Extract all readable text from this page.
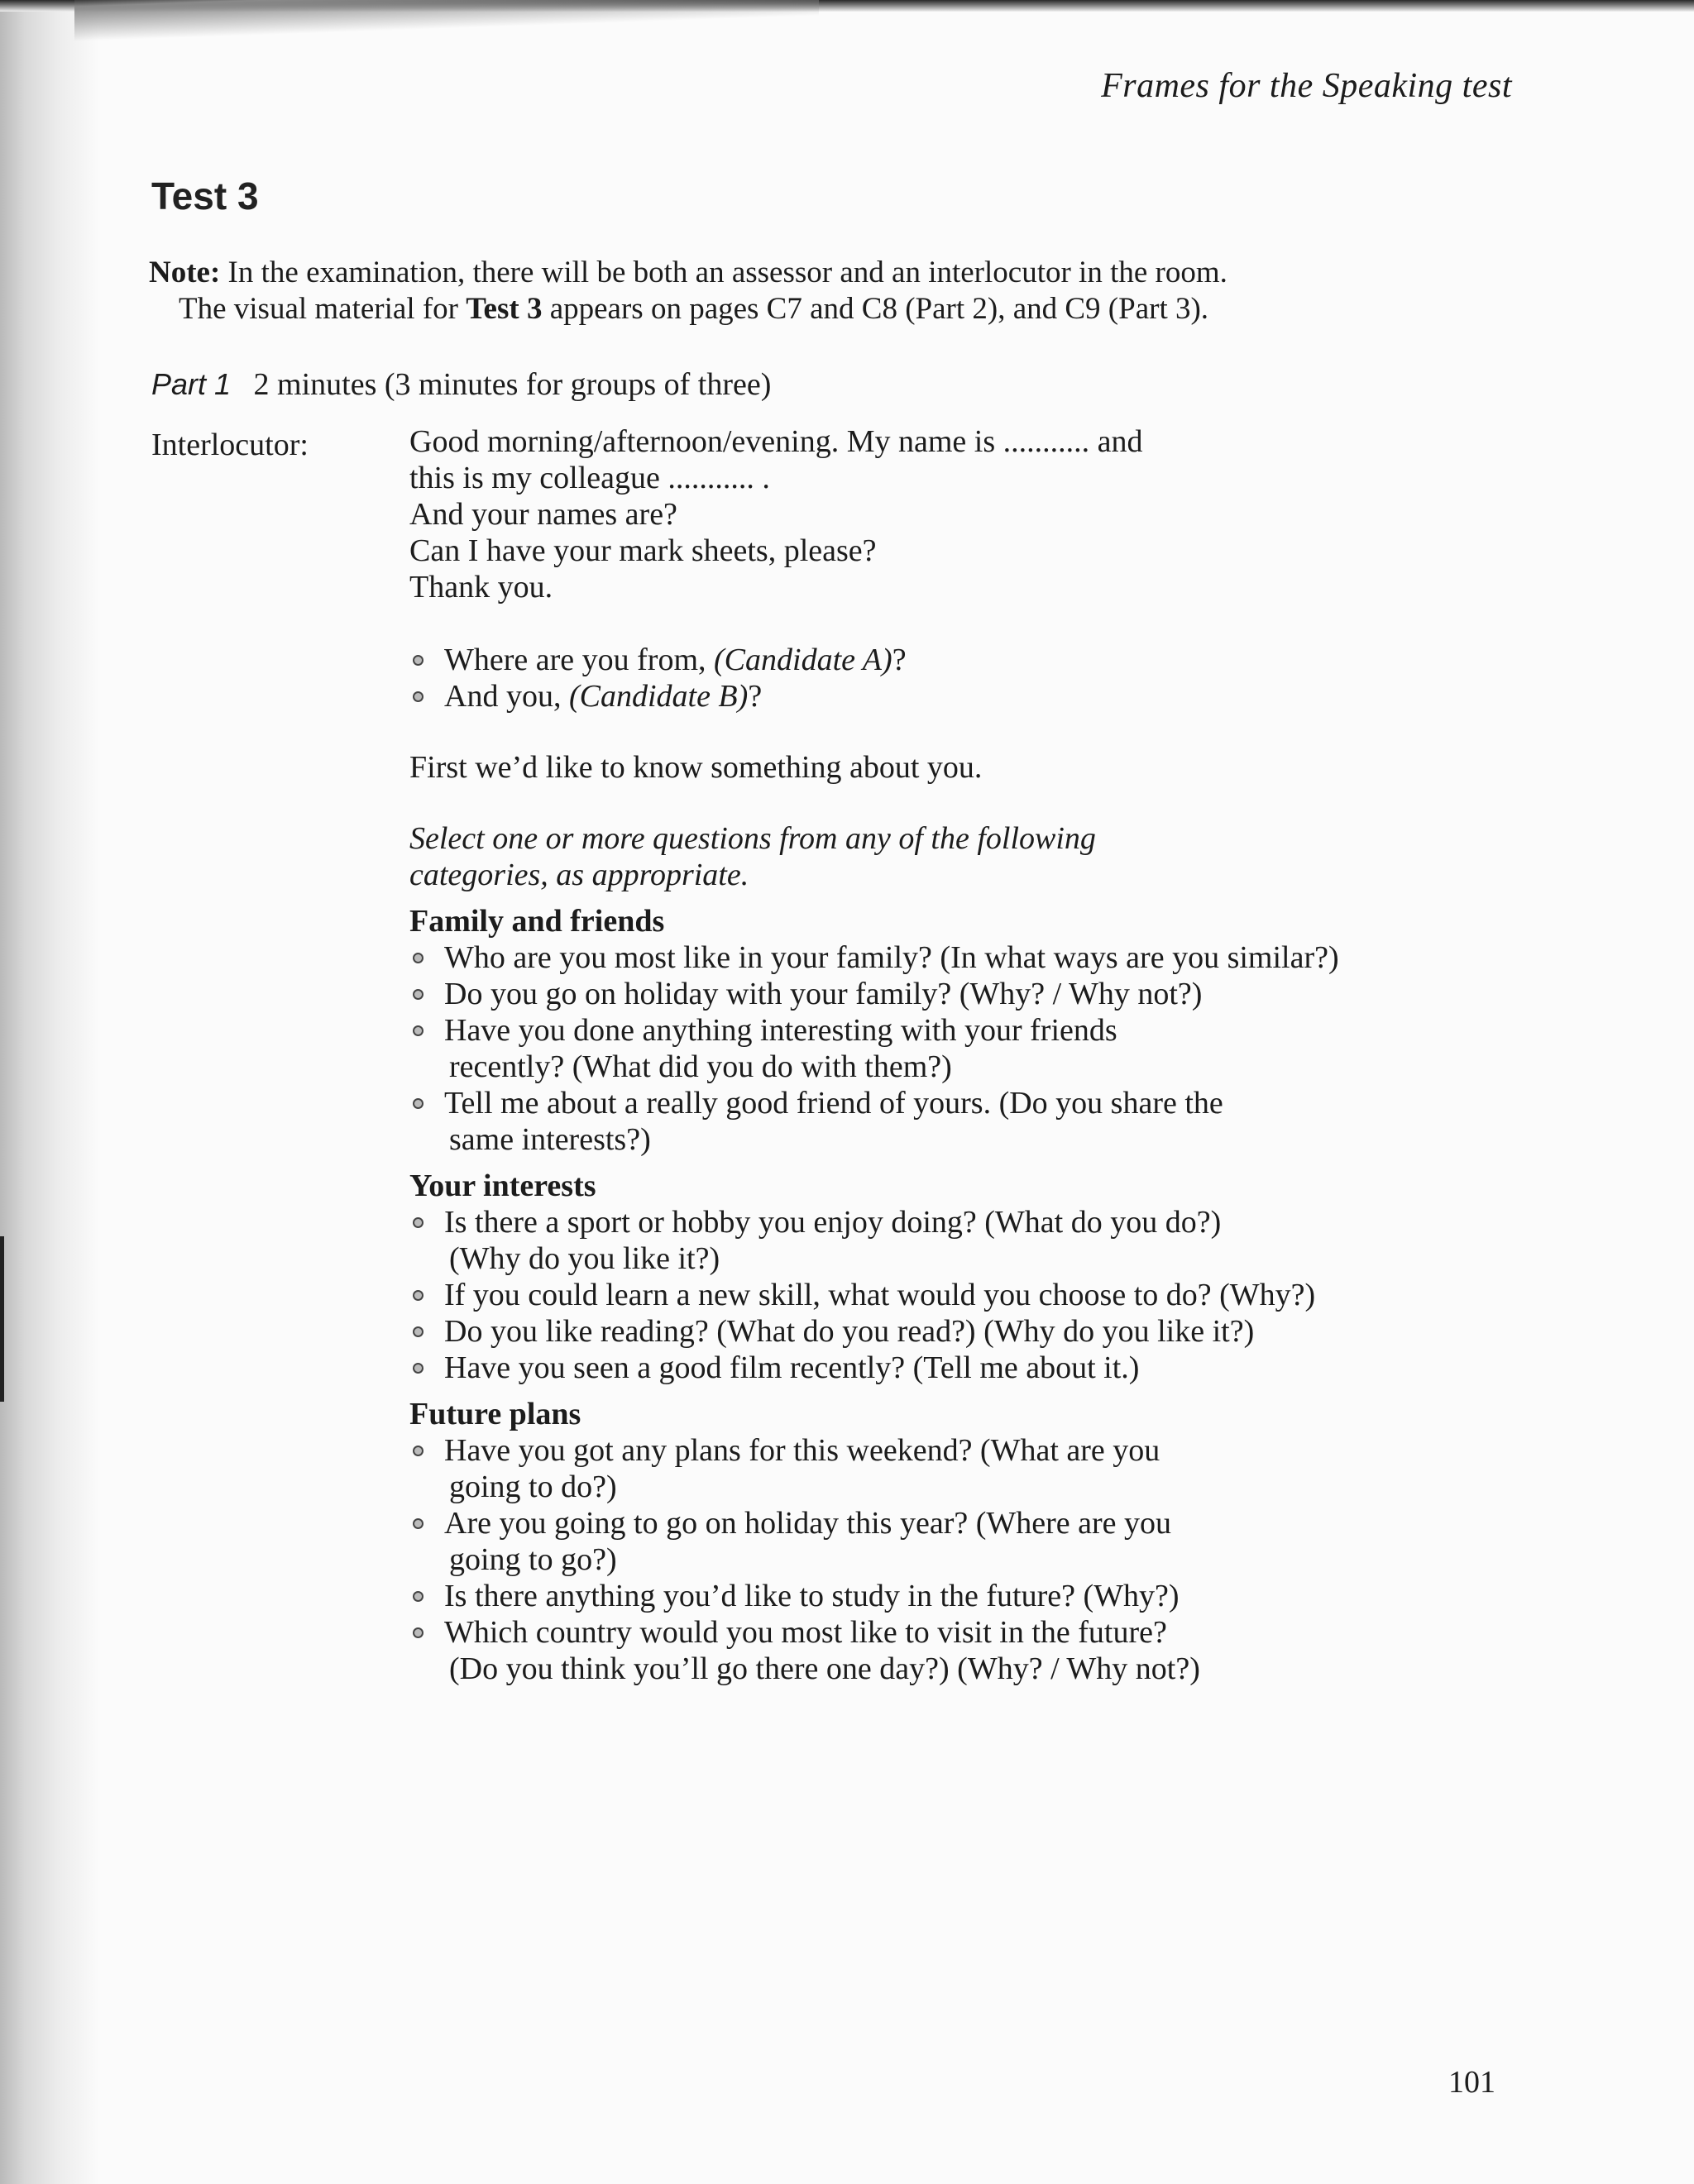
Frames for the Speaking test
Test 3
Note: In the examination, there will be both an assessor and an interlocutor in the room.
The visual material for Test 3 appears on pages C7 and C8 (Part 2), and C9 (Part 3).
Part 1 2 minutes (3 minutes for groups of three)
Interlocutor:	Good morning/afternoon/evening. My name is ........... and

this is my colleague ........... .

And your names are?

Can I have your mark sheets, please?

Thank you.

Where are you from, (Candidate A)?
And you, (Candidate B)?

First we’d like to know something about you.

Select one or more questions from any of the following

categories, as appropriate.

Family and friends

Who are you most like in your family? (In what ways are you similar?)
Do you go on holiday with your family? (Why? / Why not?)
Have you done anything interesting with your friends
recently? (What did you do with them?)
Tell me about a really good friend of yours. (Do you share the
same interests?)

Your interests

Is there a sport or hobby you enjoy doing? (What do you do?)
(Why do you like it?)
If you could learn a new skill, what would you choose to do? (Why?)
Do you like reading? (What do you read?) (Why do you like it?)
Have you seen a good film recently? (Tell me about it.)

Future plans

Have you got any plans for this weekend? (What are you
going to do?)
Are you going to go on holiday this year? (Where are you
going to go?)
Is there anything you’d like to study in the future? (Why?)
Which country would you most like to visit in the future?
(Do you think you’ll go there one day?) (Why? / Why not?)
101
